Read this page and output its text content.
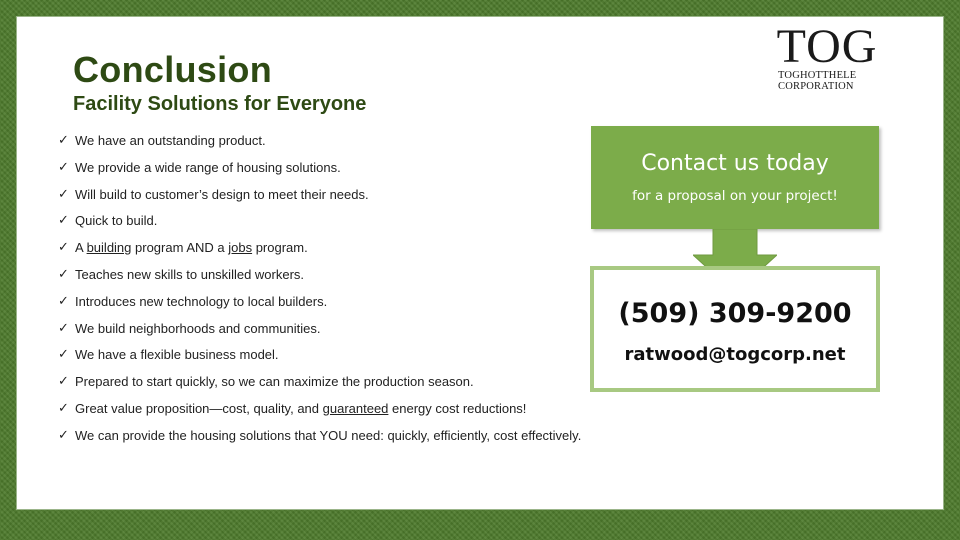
Conclusion
Facility Solutions for Everyone
TOG
TOGHOTTHELE
CORPORATION
✓ We have an outstanding product.
✓ We provide a wide range of housing solutions.
✓ Will build to customer’s design to meet their needs.
✓ Quick to build.
✓ A building program AND a jobs program.
✓ Teaches new skills to unskilled workers.
✓ Introduces new technology to local builders.
✓ We build neighborhoods and communities.
✓ We have a flexible business model.
✓ Prepared to start quickly, so we can maximize the production season.
✓ Great value proposition—cost, quality, and guaranteed energy cost reductions!
✓ We can provide the housing solutions that YOU need: quickly, efficiently, cost effectively.
Contact us today
for a proposal on your project!
(509) 309-9200
ratwood@togcorp.net
